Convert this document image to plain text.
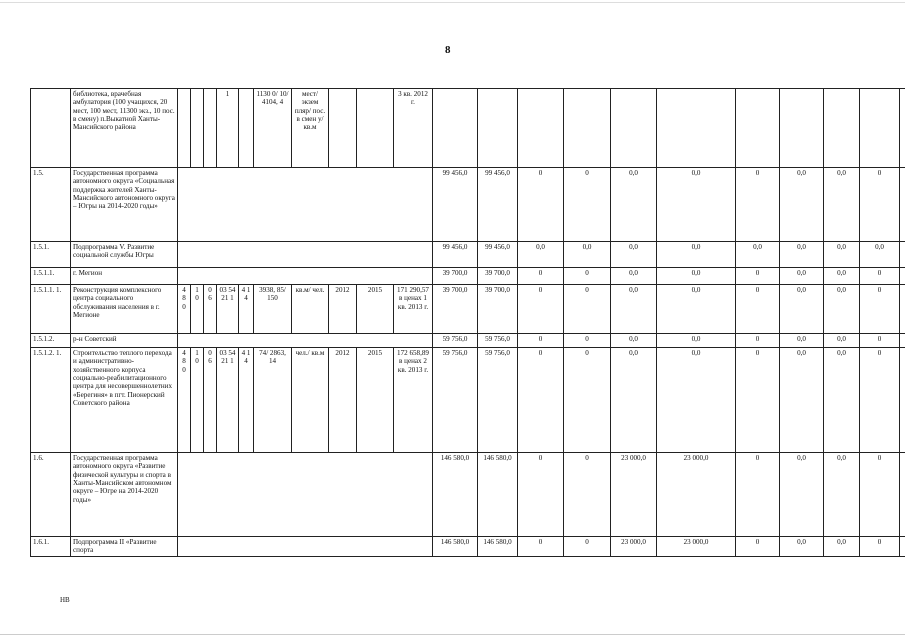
8
	библиотека, врачебная амбулатория (100 учащихся, 20 мест, 100 мест, 11300 экз., 10 пос. в смену) п.Выкатной Ханты-Мансийского района				1		1130 0/ 10/ 4104, 4	мест/ экзем пляр/ пос. в смен у/ кв.м			3 кв. 2012 г.											
1.5.	Государственная программа автономного округа «Социальная поддержка жителей Ханты-Мансийского автономного округа – Югры на 2014-2020 годы»											99 456,0	99 456,0	0	0	0,0	0,0	0	0,0	0,0	0	
1.5.1.	Подпрограмма V. Развитие социальной службы Югры											99 456,0	99 456,0	0,0	0,0	0,0	0,0	0,0	0,0	0,0	0,0	
1.5.1.1.	г. Мегион											39 700,0	39 700,0	0	0	0,0	0,0	0	0,0	0,0	0	
1.5.1.1. 1.	Реконструкция комплексного центра социального обслуживания населения в г. Мегионе	4 8 0	1 0	0 6	03 54 21 1	4 1 4	3938, 85/ 150	кв.м/ чел.	2012	2015	171 290,57 в ценах 1 кв. 2013 г.	39 700,0	39 700,0	0	0	0,0	0,0	0	0,0	0,0	0	
1.5.1.2.	р-н Советский											59 756,0	59 756,0	0	0	0,0	0,0	0	0,0	0,0	0	
1.5.1.2. 1.	Строительство теплого перехода и административно-хозяйственного корпуса социально-реабилитационного центра для несовершеннолетних «Берегиня» в пгт. Пионерский Советского района	4 8 0	1 0	0 6	03 54 21 1	4 1 4	74/ 2863, 14	чел./ кв.м	2012	2015	172 658,89 в ценах 2 кв. 2013 г.	59 756,0	59 756,0	0	0	0,0	0,0	0	0,0	0,0	0	
1.6.	Государственная программа автономного округа «Развитие физической культуры и спорта в Ханты-Мансийском автономном округе – Югре на 2014-2020 годы»											146 580,0	146 580,0	0	0	23 000,0	23 000,0	0	0,0	0,0	0	
1.6.1.	Подпрограмма II «Развитие спорта											146 580,0	146 580,0	0	0	23 000,0	23 000,0	0	0,0	0,0	0	
НВ
